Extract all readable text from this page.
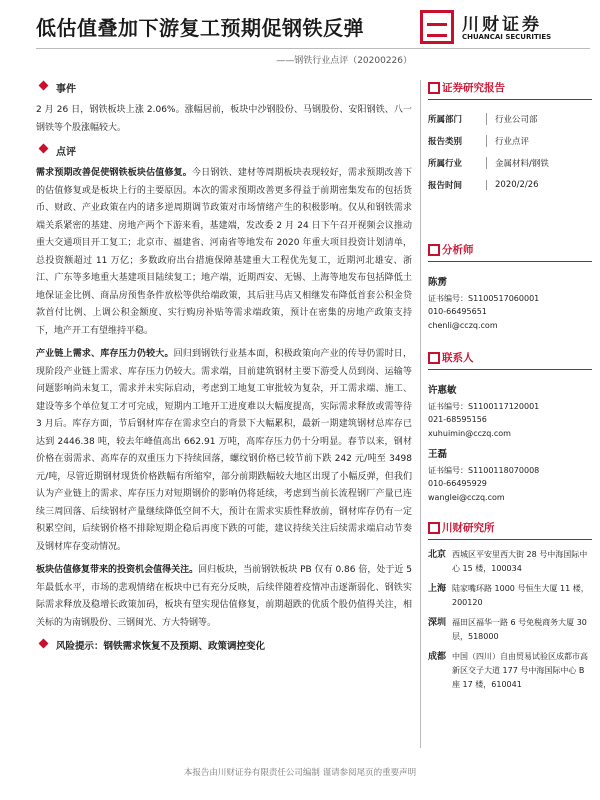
低估值叠加下游复工预期促钢铁反弹	川财证券
CHUANCAI SECURITIES
——钢铁行业点评（20200226）
事件

2 月 26 日，钢铁板块上涨 2.06%。涨幅居前，板块中沙钢股份、马钢股份、安阳钢铁、八一钢铁等个股涨幅较大。

点评

需求预期改善促使钢铁板块估值修复。今日钢铁、建材等周期板块表现较好，需求预期改善下的估值修复或是板块上行的主要原因。本次的需求预期改善更多得益于前期密集发布的包括货币、财政、产业政策在内的诸多逆周期调节政策对市场情绪产生的积极影响。仅从和钢铁需求端关系紧密的基建、房地产两个下游来看，基建端，发改委 2 月 24 日下午召开视频会议推动重大交通项目开工复工；北京市、福建省、河南省等地发布 2020 年重大项目投资计划清单，总投资额超过 11 万亿；多数政府出台措施保障基建重大工程优先复工，近期河北雄安、浙江、广东等多地重大基建项目陆续复工；地产端，近期西安、无锡、上海等地发布包括降低土地保证金比例、商品房预售条件放松等供给端政策，其后驻马店又相继发布降低首套公积金贷款首付比例、上调公积金额度、实行购房补贴等需求端政策，预计在密集的房地产政策支持下，地产开工有望维持平稳。

产业链上需求、库存压力仍较大。回归到钢铁行业基本面，积极政策向产业的传导仍需时日，现阶段产业链上需求、库存压力仍较大。需求端，目前建筑钢材主要下游受人员到岗、运输等问题影响尚未复工，需求并未实际启动，考虑到工地复工审批较为复杂，开工需求端、施工、建设等多个单位复工才可完成，短期内工地开工进度难以大幅度提高，实际需求释放或需等待 3 月后。库存方面，节后钢材库存在需求空白的背景下大幅累积，最新一期建筑钢材总库存已达到 2446.38 吨，较去年峰值高出 662.91 万吨，高库存压力仍十分明显。春节以来，钢材价格在弱需求、高库存的双重压力下持续回落，螺纹钢价格已较节前下跌 242 元/吨至 3498 元/吨，尽管近期钢材现货价格跌幅有所缩窄，部分前期跌幅较大地区出现了小幅反弹，但我们认为产业链上的需求、库存压力对短期钢价的影响仍将延续，考虑到当前长流程钢厂产量已连续三周回落、后续钢材产量继续降低空间不大，预计在需求实质性释放前，钢材库存仍有一定积累空间，后续钢价格不排除短期企稳后再度下跌的可能，建议持续关注后续需求端启动节奏及钢材库存变动情况。

板块估值修复带来的投资机会值得关注。回归板块，当前钢铁板块 PB 仅有 0.86 倍，处于近 5 年最低水平，市场的悲观情绪在板块中已有充分反映，后续伴随着疫情冲击逐渐弱化、钢铁实际需求释放及稳增长政策加码，板块有望实现估值修复，前期超跌的优质个股仍值得关注，相关标的为南钢股份、三钢闽光、方大特钢等。

风险提示：钢铁需求恢复不及预期、政策调控变化
证券研究报告
所属部门	行业公司部
报告类别	行业点评
所属行业	金属材料/钢铁
报告时间	2020/2/26
分析师
陈雳
证书编号：S1100517060001
010-66495651
chenli@cczq.com
联系人
许惠敏
证书编号：S1100117120001
021-68595156
xuhuimin@cczq.com
王磊
证书编号：S1100118070008
010-66495929
wanglei@cczq.com
川财研究所
北京 西城区平安里西大街 28 号中海国际中心 15 楼，100034
上海 陆家嘴环路 1000 号恒生大厦 11 楼，200120
深圳 福田区福华一路 6 号免税商务大厦 30 层，518000
成都 中国（四川）自由贸易试验区成都市高新区交子大道 177 号中海国际中心 B 座 17 楼，610041
本报告由川财证券有限责任公司编制 谨请参阅尾页的重要声明
